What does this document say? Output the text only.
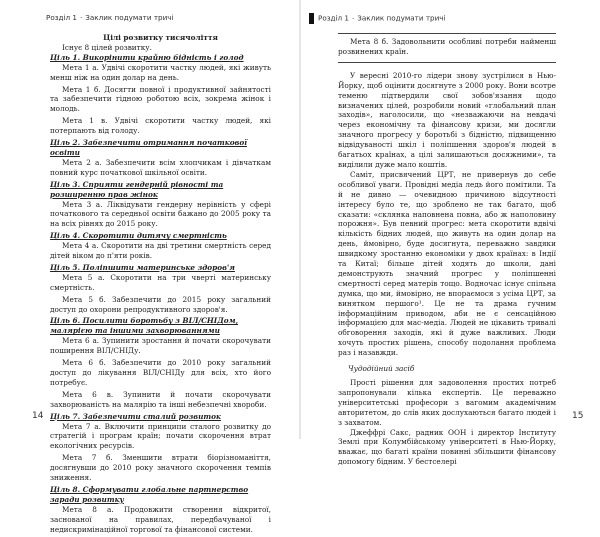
Розділ 1 · Заклик подумати тричі
Цілі розвитку тисячоліття

Існує 8 цілей розвитку.

Ціль 1. Викорінити крайню бідність і голод

Мета 1 а. Удвічі скоротити частку людей, які живуть менш ніж на один долар на день.

Мета 1 б. Досягти повної і продуктивної зайнятості та забезпечити гідною роботою всіх, зокрема жінок і молодь.

Мета 1 в. Удвічі скоротити частку людей, які потерпають від голоду.

Ціль 2. Забезпечити отримання початкової освіти

Мета 2 а. Забезпечити всім хлопчикам і дівчаткам повний курс початкової шкільної освіти.

Ціль 3. Сприяти гендерній рівності та розширенню прав жінок

Мета 3 а. Ліквідувати гендерну нерівність у сфері початкового та середньої освіти бажано до 2005 року та на всіх рівнях до 2015 року.

Ціль 4. Скоротити дитячу смертність

Мета 4 а. Скоротити на дві третини смертність серед дітей віком до п'яти років.

Ціль 5. Поліпшити материнське здоров'я

Мета 5 а. Скоротити на три чверті материнську смертність.

Мета 5 б. Забезпечити до 2015 року загальний доступ до охорони репродуктивного здоров'я.

Ціль 6. Посилити боротьбу з ВІЛ/СНІДом, малярією та іншими захворюваннями

Мета 6 а. Зупинити зростання й почати скорочувати поширення ВІЛ/СНІДу.

Мета 6 б. Забезпечити до 2010 року загальний доступ до лікування ВІЛ/СНІДу для всіх, хто його потребує.

Мета 6 в. Зупинити й почати скорочувати захворюваність на малярію та інші небезпечні хвороби.

Ціль 7. Забезпечити сталий розвиток

Мета 7 а. Включити принципи сталого розвитку до стратегій і програм країн; почати скорочення втрат екологічних ресурсів.

Мета 7 б. Зменшити втрати біорізноманіття, досягнувши до 2010 року значного скорочення темпів зниження.

Ціль 8. Сформувати глобальне партнерство заради розвитку

Мета 8 а. Продовжити створення відкритої, заснованої на правилах, передбачуваної і недискримінаційної торгової та фінансової системи.

14
Розділ 1 · Заклик подумати тричі

Мета 8 б. Задовольнити особливі потреби найменш розвинених країн.

У вересні 2010-го лідери знову зустрілися в Нью-Йорку, щоб оцінити досягнуте з 2000 року. Вони всотре теменю підтвердили свої зобов'язання щодо визначених цілей, розробили новий «глобальний план заходів», наголосили, що «незважаючи на невдачі через економічну та фінансову кризи, ми досягли значного прогресу у боротьбі з бідністю, підвищенню відвідуваності шкіл і поліпшення здоров'я людей в багатьох країнах, а цілі залишаються досяжними», та виділили дуже мало коштів.

Саміт, присвячений ЦРТ, не привернув до себе особливої уваги. Провідні медіа ледь його помітили. Та й не дивно — очевидною причиною відсутності інтересу було те, що зроблено не так багато, щоб сказати: «склянка наповнена повна, або ж наполовину порожня». Був певний прогрес: мета скоротити вдвічі кількість бідних людей, що живуть на один долар на день, ймовірно, буде досягнута, переважно завдяки швидкому зростанню економіки у двох країнах: в Індії та Китаї; більше дітей ходять до школи, дані демонструють значний прогрес у поліпшенні смертності серед матерів тощо. Водночас існує спільна думка, що ми, ймовірно, не впораємося з усіма ЦРТ, за винятком першого¹. Це не та драма гучним інформаційним приводом, аби не є сенсаційною інформацією для мас-медіа. Людей не цікавить тривалі обговорення заходів, які й дуже важливих. Люди хочуть простих рішень, способу подолання проблема раз і назавжди.

Чудодійний засіб

Прості рішення для задоволення простих потреб запропонували кілька експертів. Це переважно університетські професори з вагомим академічним авторитетом, до слів яких дослухаються багато людей і з захватом.

Джеффрі Сакс, радник ООН і директор Інституту Землі при Колумбійському університеті в Нью-Йорку, вважає, що багаті країни повинні збільшити фінансову допомогу бідним. У бестселері

15
